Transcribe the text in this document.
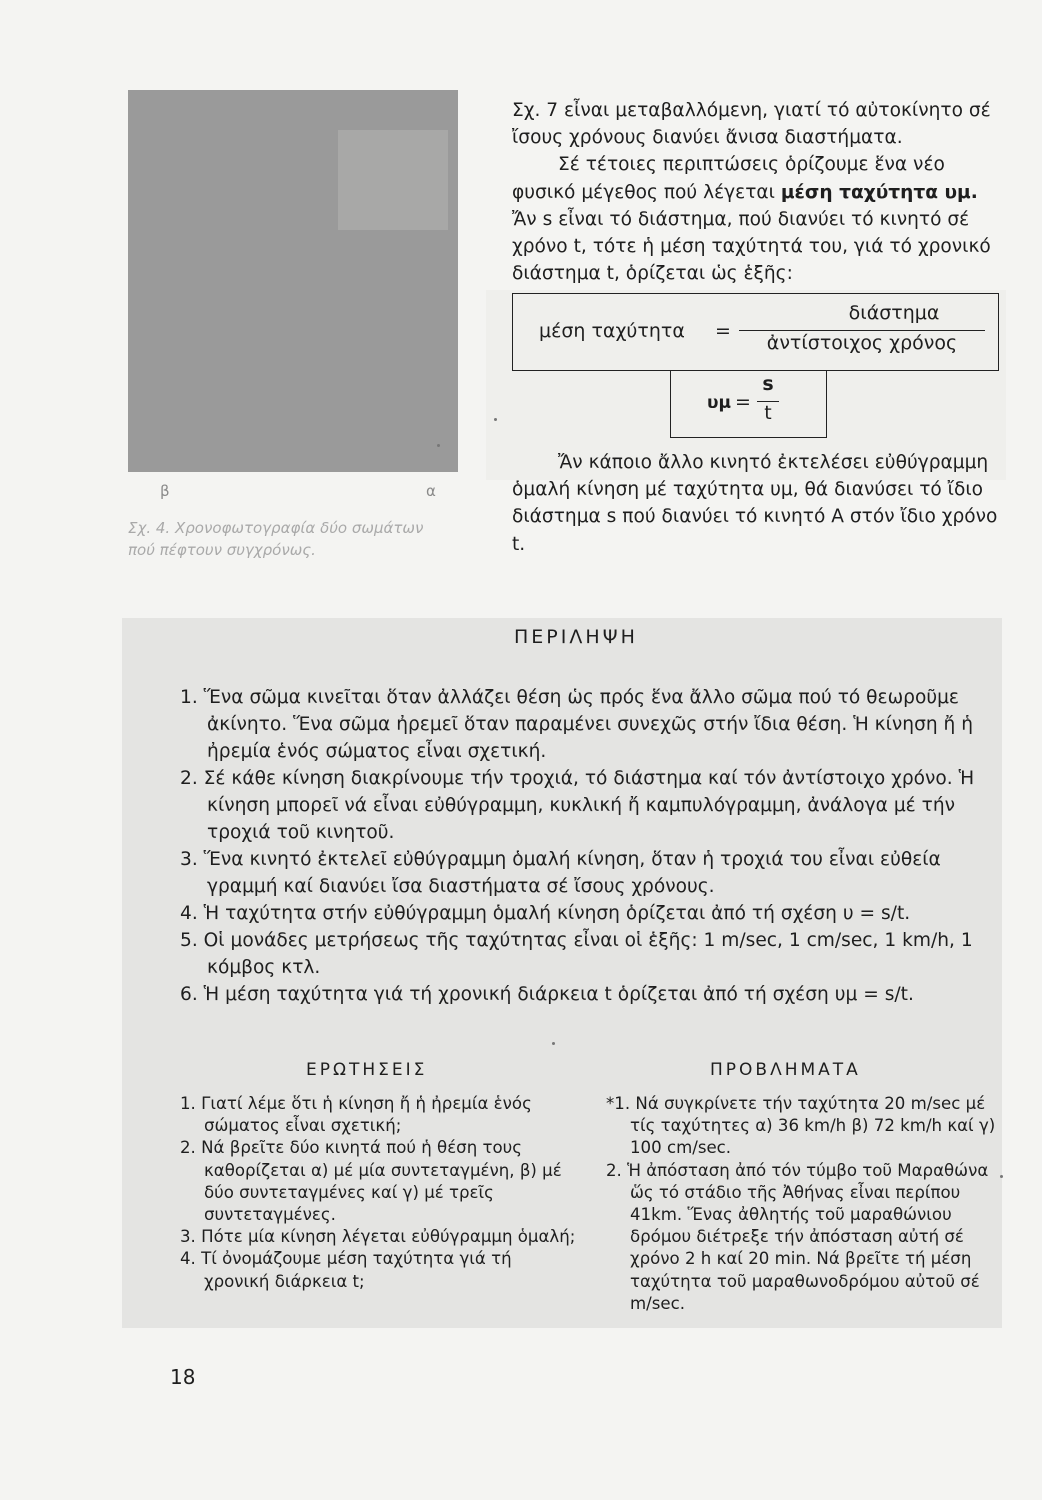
β	α
Σχ. 4. Χρονοφωτογραφία δύο σωμάτων πού πέφτουν συγχρόνως.

Σχ. 7 εἶναι μεταβαλλόμενη, γιατί τό αὐτοκίνητο σέ ἴσους χρόνους διανύει ἄνισα διαστήματα.

Σέ τέτοιες περιπτώσεις ὁρίζουμε ἕνα νέο φυσικό μέγεθος πού λέγεται μέση ταχύτητα υμ.

Ἄν s εἶναι τό διάστημα, πού διανύει τό κινητό σέ χρόνο t, τότε ἡ μέση ταχύτητά του, γιά τό χρονικό διάστημα t, ὁρίζεται ὡς ἑξῆς:

μέση ταχύτητα =
διάστημα
ἀντίστοιχος χρόνος
υμ =
s
t
Ἄν κάποιο ἄλλο κινητό ἐκτελέσει εὐθύγραμμη ὁμαλή κίνηση μέ ταχύτητα υμ, θά διανύσει τό ἴδιο διάστημα s πού διανύει τό κινητό Α στόν ἴδιο χρόνο t.
ΠΕΡΙΛΗΨΗ
1. Ἕνα σῶμα κινεῖται ὅταν ἀλλάζει θέση ὡς πρός ἕνα ἄλλο σῶμα πού τό θεωροῦμε ἀκίνητο. Ἕνα σῶμα ἠρεμεῖ ὅταν παραμένει συνεχῶς στήν ἴδια θέση. Ἡ κίνηση ἤ ἡ ἠρεμία ἑνός σώματος εἶναι σχετική.
2. Σέ κάθε κίνηση διακρίνουμε τήν τροχιά, τό διάστημα καί τόν ἀντίστοιχο χρόνο. Ἡ κίνηση μπορεῖ νά εἶναι εὐθύγραμμη, κυκλική ἤ καμπυλόγραμμη, ἀνάλογα μέ τήν τροχιά τοῦ κινητοῦ.
3. Ἕνα κινητό ἐκτελεῖ εὐθύγραμμη ὁμαλή κίνηση, ὅταν ἡ τροχιά του εἶναι εὐθεία γραμμή καί διανύει ἴσα διαστήματα σέ ἴσους χρόνους.
4. Ἡ ταχύτητα στήν εὐθύγραμμη ὁμαλή κίνηση ὁρίζεται ἀπό τή σχέση υ = s/t.
5. Οἱ μονάδες μετρήσεως τῆς ταχύτητας εἶναι οἱ ἑξῆς: 1 m/sec, 1 cm/sec, 1 km/h, 1 κόμβος κτλ.
6. Ἡ μέση ταχύτητα γιά τή χρονική διάρκεια t ὁρίζεται ἀπό τή σχέση υμ = s/t.
ΕΡΩΤΗΣΕΙΣ
1. Γιατί λέμε ὅτι ἡ κίνηση ἤ ἡ ἠρεμία ἑνός σώματος εἶναι σχετική;
2. Νά βρεῖτε δύο κινητά πού ἡ θέση τους καθορίζεται α) μέ μία συντεταγμένη, β) μέ δύο συντεταγμένες καί γ) μέ τρεῖς συντεταγμένες.
3. Πότε μία κίνηση λέγεται εὐθύγραμμη ὁμαλή;
4. Τί ὀνομάζουμε μέση ταχύτητα γιά τή χρονική διάρκεια t;
ΠΡΟΒΛΗΜΑΤΑ
*1. Νά συγκρίνετε τήν ταχύτητα 20 m/sec μέ τίς ταχύτητες α) 36 km/h β) 72 km/h καί γ) 100 cm/sec.
2. Ἡ ἀπόσταση ἀπό τόν τύμβο τοῦ Μαραθώνα ὥς τό στάδιο τῆς Ἀθήνας εἶναι περίπου 41km. Ἕνας ἀθλητής τοῦ μαραθώνιου δρόμου διέτρεξε τήν ἀπόσταση αὐτή σέ χρόνο 2 h καί 20 min. Νά βρεῖτε τή μέση ταχύτητα τοῦ μαραθωνοδρόμου αὐτοῦ σέ m/sec.
18
